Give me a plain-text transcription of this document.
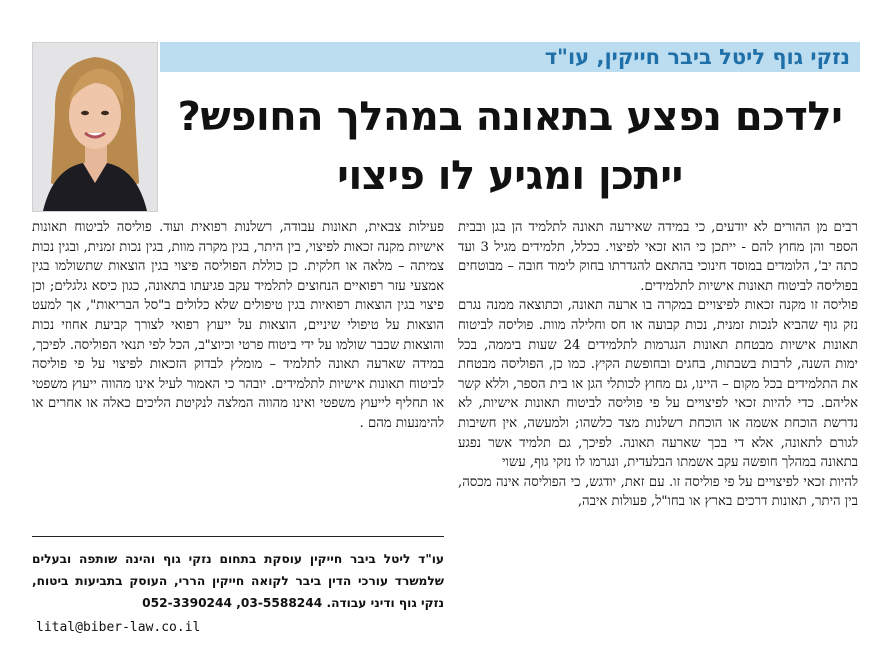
נזקי גוף ליטל ביבר חייקין, עו"ד
ילדכם נפצע בתאונה במהלך החופש?
ייתכן ומגיע לו פיצוי

רבים מן ההורים לא יודעים, כי במידה שאירעה תאונה לתלמיד הן בגן ובבית הספר והן מחוץ להם - ייתכן כי הוא זכאי לפיצוי. ככלל, תלמידים מגיל 3 ועד כתה יב', הלומדים במוסד חינוכי בהתאם להגדרתו בחוק לימוד חובה – מבוטחים בפוליסה לביטוח תאונות אישיות לתלמידים.

פוליסה זו מקנה זכאות לפיצויים במקרה בו ארעה תאונה, וכתוצאה ממנה נגרם נזק גוף שהביא לנכות זמנית, נכות קבועה או חס וחלילה מוות. פוליסה לביטוח תאונות אישיות מבטחת תאונות הנגרמות לתלמידים 24 שעות ביממה, בכל ימות השנה, לרבות בשבתות, בחגים ובחופשת הקיץ. כמו כן, הפוליסה מבטחת את התלמידים בכל מקום – היינו, גם מחוץ לכותלי הגן או בית הספר, וללא קשר אליהם. כדי להיות זכאי לפיצויים על פי פוליסה לביטוח תאונות אישיות, לא נדרשת הוכחת אשמה או הוכחת רשלנות מצד כלשהו; ולמעשה, אין חשיבות לגורם לתאונה, אלא די בכך שארעה תאונה. לפיכך, גם תלמיד אשר נפגע בתאונה במהלך חופשה עקב אשמתו הבלעדית, ונגרמו לו נזקי גוף, עשוי

להיות זכאי לפיצויים על פי פוליסה זו. עם זאת, יודגש, כי הפוליסה אינה מכסה, בין היתר, תאונות דרכים בארץ או בחו"ל, פעולות איבה,

פעילות צבאית, תאונות עבודה, רשלנות רפואית ועוד. פוליסה לביטוח תאונות אישיות מקנה זכאות לפיצוי, בין היתר, בגין מקרה מוות, בגין נכות זמנית, ובגין נכות צמיתה – מלאה או חלקית. כן כוללת הפוליסה פיצוי בגין הוצאות שתשולמו בגין אמצעי עזר רפואיים הנחוצים לתלמיד עקב פגיעתו בתאונה, כגון כיסא גלגלים; וכן פיצוי בגין הוצאות רפואיות בגין טיפולים שלא כלולים ב"סל הבריאות", אך למעט הוצאות על טיפולי שיניים, הוצאות על ייעוץ רפואי לצורך קביעת אחוזי נכות והוצאות שכבר שולמו על ידי ביטוח פרטי וכיוצ"ב, הכל לפי תנאי הפוליסה. לפיכך, במידה שארעה תאונה לתלמיד – מומלץ לבדוק הזכאות לפיצוי על פי פוליסה לביטוח תאונות אישיות לתלמידים. יובהר כי האמור לעיל אינו מהווה ייעוץ משפטי או תחליף לייעוץ משפטי ואינו מהווה המלצה לנקיטת הליכים כאלה או אחרים או להימנעות מהם .

עו"ד ליטל ביבר חייקין עוסקת בתחום נזקי גוף והינה שותפה ובעלים שלמשרד עורכי הדין ביבר לקואה חייקין הררי, העוסק בתביעות ביטוח, נזקי גוף ודיני עבודה. 03-5588244, 052-3390244
lital@biber-law.co.il
